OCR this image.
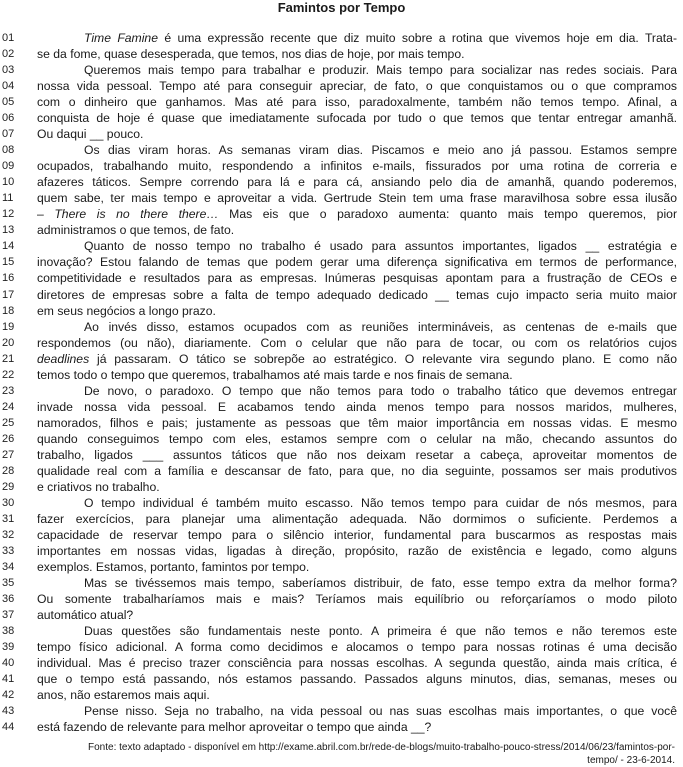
Famintos por Tempo
01	Time Famine é uma expressão recente que diz muito sobre a rotina que vivemos hoje em dia. Trata-
02	se da fome, quase desesperada, que temos, nos dias de hoje, por mais tempo.
03	Queremos mais tempo para trabalhar e produzir. Mais tempo para socializar nas redes sociais. Para
04	nossa vida pessoal. Tempo até para conseguir apreciar, de fato, o que conquistamos ou o que compramos
05	com o dinheiro que ganhamos. Mas até para isso, paradoxalmente, também não temos tempo. Afinal, a
06	conquista de hoje é quase que imediatamente sufocada por tudo o que temos que tentar entregar amanhã.
07	Ou daqui __ pouco.
08	Os dias viram horas. As semanas viram dias. Piscamos e meio ano já passou. Estamos sempre
09	ocupados, trabalhando muito, respondendo a infinitos e-mails, fissurados por uma rotina de correria e
10	afazeres táticos. Sempre correndo para lá e para cá, ansiando pelo dia de amanhã, quando poderemos,
11	quem sabe, ter mais tempo e aproveitar a vida. Gertrude Stein tem uma frase maravilhosa sobre essa ilusão
12	– There is no there there… Mas eis que o paradoxo aumenta: quanto mais tempo queremos, pior
13	administramos o que temos, de fato.
14	Quanto de nosso tempo no trabalho é usado para assuntos importantes, ligados __ estratégia e
15	inovação? Estou falando de temas que podem gerar uma diferença significativa em termos de performance,
16	competitividade e resultados para as empresas. Inúmeras pesquisas apontam para a frustração de CEOs e
17	diretores de empresas sobre a falta de tempo adequado dedicado __ temas cujo impacto seria muito maior
18	em seus negócios a longo prazo.
19	Ao invés disso, estamos ocupados com as reuniões intermináveis, as centenas de e-mails que
20	respondemos (ou não), diariamente. Com o celular que não para de tocar, ou com os relatórios cujos
21	deadlines já passaram. O tático se sobrepõe ao estratégico. O relevante vira segundo plano. E como não
22	temos todo o tempo que queremos, trabalhamos até mais tarde e nos finais de semana.
23	De novo, o paradoxo. O tempo que não temos para todo o trabalho tático que devemos entregar
24	invade nossa vida pessoal. E acabamos tendo ainda menos tempo para nossos maridos, mulheres,
25	namorados, filhos e pais; justamente as pessoas que têm maior importância em nossas vidas. E mesmo
26	quando conseguimos tempo com eles, estamos sempre com o celular na mão, checando assuntos do
27	trabalho, ligados ___ assuntos táticos que não nos deixam resetar a cabeça, aproveitar momentos de
28	qualidade real com a família e descansar de fato, para que, no dia seguinte, possamos ser mais produtivos
29	e criativos no trabalho.
30	O tempo individual é também muito escasso. Não temos tempo para cuidar de nós mesmos, para
31	fazer exercícios, para planejar uma alimentação adequada. Não dormimos o suficiente. Perdemos a
32	capacidade de reservar tempo para o silêncio interior, fundamental para buscarmos as respostas mais
33	importantes em nossas vidas, ligadas à direção, propósito, razão de existência e legado, como alguns
34	exemplos. Estamos, portanto, famintos por tempo.
35	Mas se tivéssemos mais tempo, saberíamos distribuir, de fato, esse tempo extra da melhor forma?
36	Ou somente trabalharíamos mais e mais? Teríamos mais equilíbrio ou reforçaríamos o modo piloto
37	automático atual?
38	Duas questões são fundamentais neste ponto. A primeira é que não temos e não teremos este
39	tempo físico adicional. A forma como decidimos e alocamos o tempo para nossas rotinas é uma decisão
40	individual. Mas é preciso trazer consciência para nossas escolhas. A segunda questão, ainda mais crítica, é
41	que o tempo está passando, nós estamos passando. Passados alguns minutos, dias, semanas, meses ou
42	anos, não estaremos mais aqui.
43	Pense nisso. Seja no trabalho, na vida pessoal ou nas suas escolhas mais importantes, o que você
44	está fazendo de relevante para melhor aproveitar o tempo que ainda __?
Fonte: texto adaptado - disponível em http://exame.abril.com.br/rede-de-blogs/muito-trabalho-pouco-stress/2014/06/23/famintos-por-
tempo/ - 23-6-2014.
